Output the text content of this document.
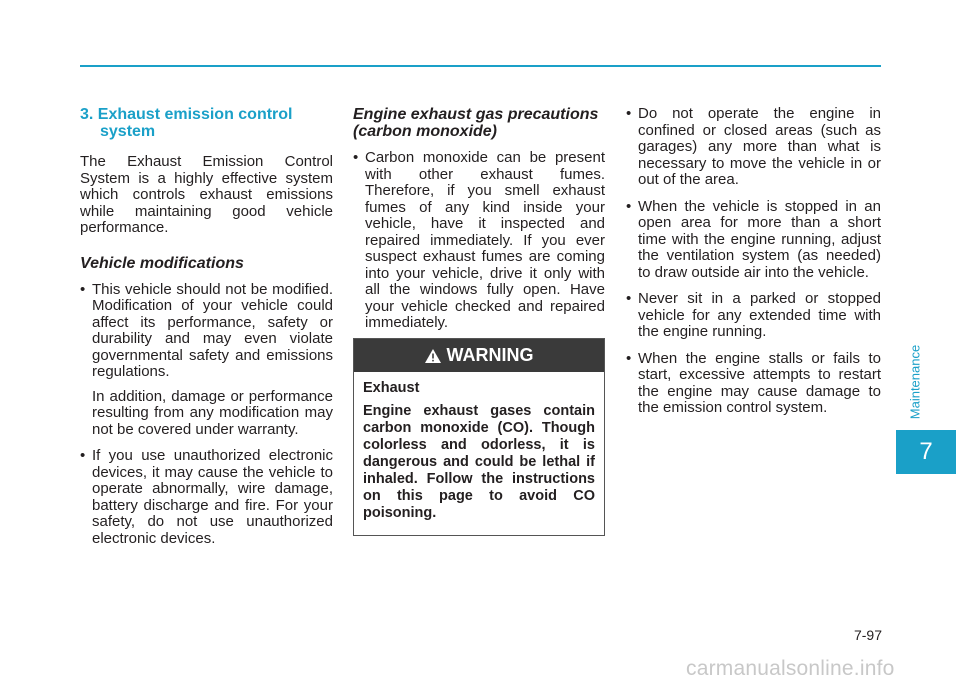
3. Exhaust emission control
system

The Exhaust Emission Control System is a highly effective system which controls exhaust emissions while maintaining good vehicle performance.

Vehicle modifications
• This vehicle should not be modified. Modification of your vehicle could affect its performance, safety or durability and may even violate governmental safety and emissions regulations.
In addition, damage or performance resulting from any modification may not be covered under warranty.
• If you use unauthorized electronic devices, it may cause the vehicle to operate abnormally, wire damage, battery discharge and fire. For your safety, do not use unauthorized electronic devices.
Engine exhaust gas precautions
(carbon monoxide)
• Carbon monoxide can be present with other exhaust fumes. Therefore, if you smell exhaust fumes of any kind inside your vehicle, have it inspected and repaired immediately. If you ever suspect exhaust fumes are coming into your vehicle, drive it only with all the windows fully open. Have your vehicle checked and repaired immediately.
WARNING
Exhaust
Engine exhaust gases contain carbon monoxide (CO). Though colorless and odorless, it is dangerous and could be lethal if inhaled. Follow the instructions on this page to avoid CO poisoning.
• Do not operate the engine in confined or closed areas (such as garages) any more than what is necessary to move the vehicle in or out of the area.
• When the vehicle is stopped in an open area for more than a short time with the engine running, adjust the ventilation system (as needed) to draw outside air into the vehicle.
• Never sit in a parked or stopped vehicle for any extended time with the engine running.
• When the engine stalls or fails to start, excessive attempts to restart the engine may cause damage to the emission control system.	Maintenance
7
7-97
carmanualsonline.info
